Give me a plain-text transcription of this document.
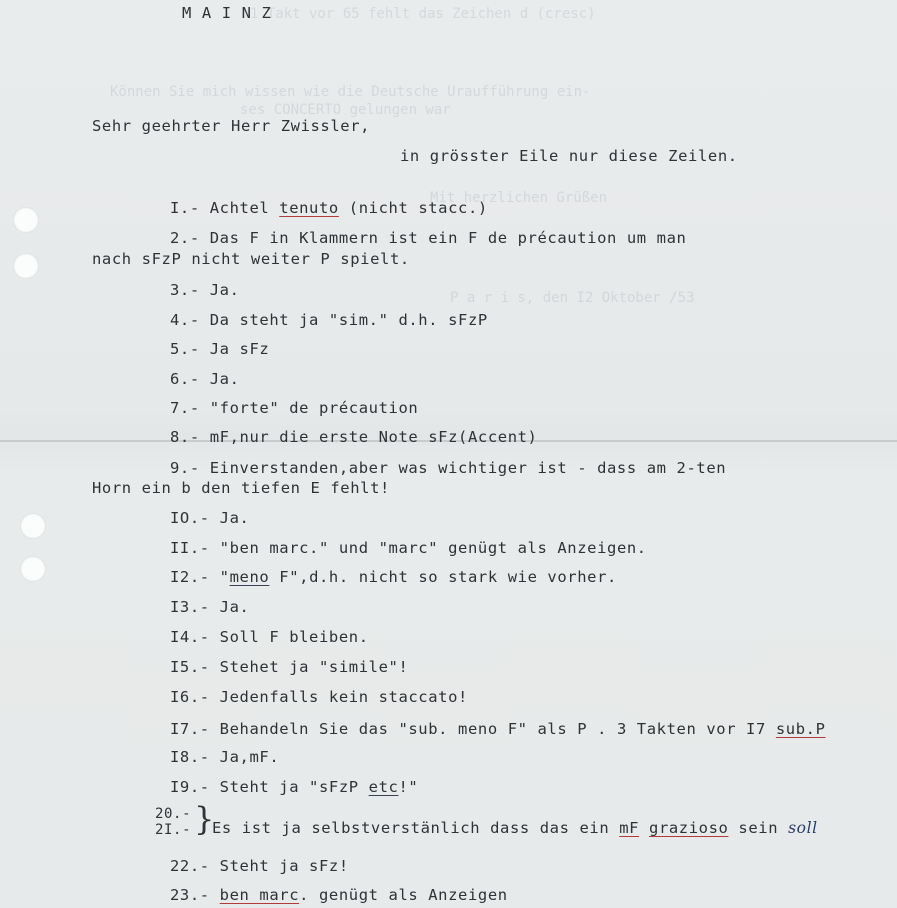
1 Takt vor 65 fehlt das Zeichen d (cresc)
Können Sie mich wissen wie die Deutsche Uraufführung ein-
ses CONCERTO gelungen war
Mit herzlichen Grüßen
P a r i s, den I2 Oktober /53
M A I N Z
Sehr geehrter Herr Zwissler,
in grösster Eile nur diese Zeilen.
I.- Achtel tenuto (nicht stacc.)
2.- Das F in Klammern ist ein F de précaution um man
3.- Ja.
4.- Da steht ja "sim." d.h. sFzP
5.- Ja sFz
6.- Ja.
7.- "forte" de précaution
8.- mF,nur die erste Note sFz(Accent)
9.- Einverstanden,aber was wichtiger ist - dass am 2-ten
IO.- Ja.
II.- "ben marc." und "marc" genügt als Anzeigen.
I2.- "meno F",d.h. nicht so stark wie vorher.
I3.- Ja.
I4.- Soll F bleiben.
I5.- Stehet ja "simile"!
I6.- Jedenfalls kein staccato!
I7.- Behandeln Sie das "sub. meno F" als P . 3 Takten vor I7 sub.P
I8.- Ja,mF.
I9.- Steht ja "sFzP etc!"
22.- Steht ja sFz!
23.- ben marc. genügt als Anzeigen
nach sFzP nicht weiter P spielt.
Horn ein b den tiefen E fehlt!
20.-
2I.- }
Es ist ja selbstverstänlich dass das ein mF grazioso sein soll
